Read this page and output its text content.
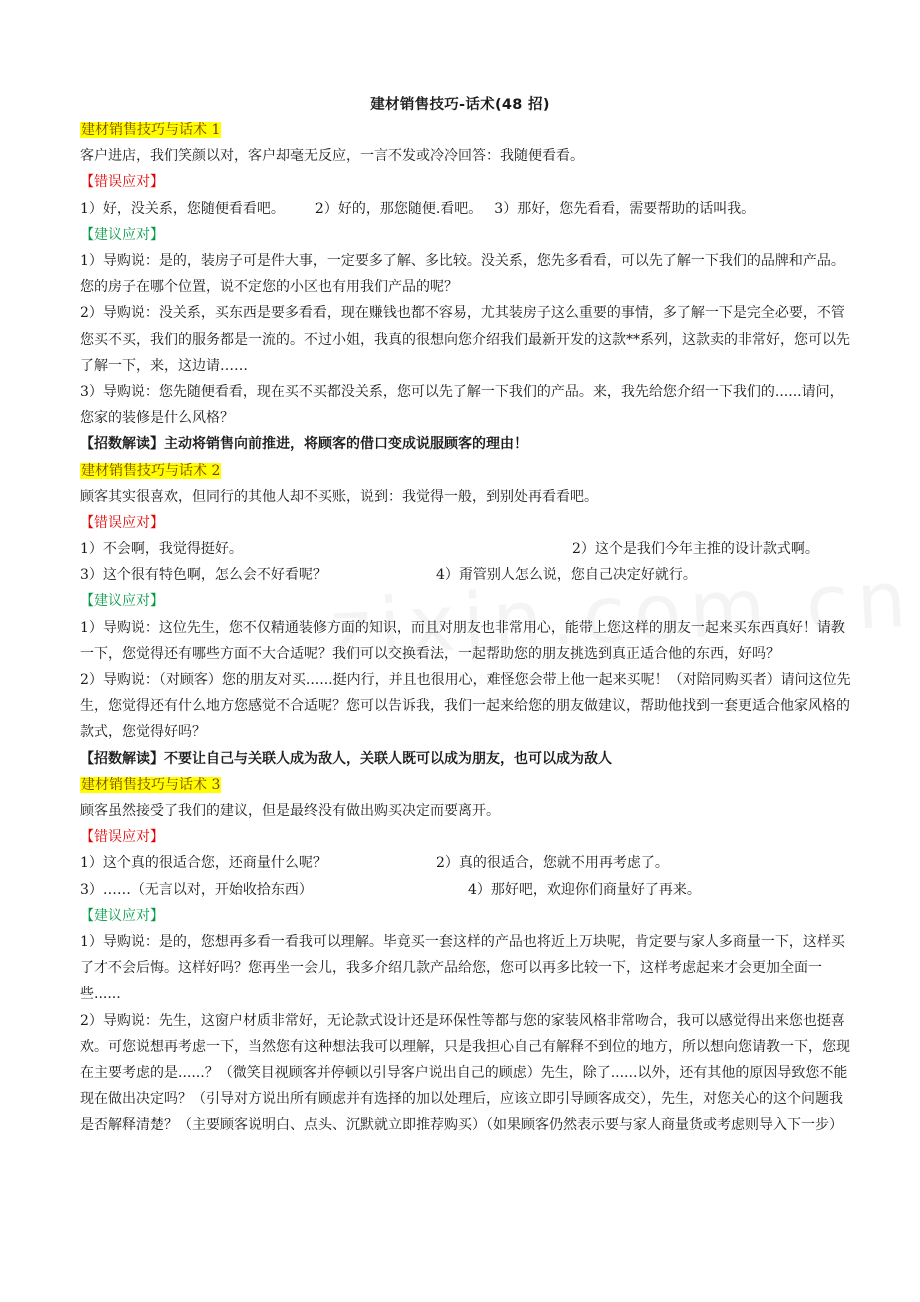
建材销售技巧-话术(48 招)
建材销售技巧与话术 1
客户进店，我们笑颜以对，客户却毫无反应，一言不发或冷冷回答：我随便看看。
【错误应对】
1）好，没关系，您随便看看吧。 2）好的，那您随便.看吧。 3）那好，您先看看，需要帮助的话叫我。
【建议应对】
1）导购说：是的，装房子可是件大事，一定要多了解、多比较。没关系，您先多看看，可以先了解一下我们的品牌和产品。您的房子在哪个位置，说不定您的小区也有用我们产品的呢？
2）导购说：没关系，买东西是要多看看，现在赚钱也都不容易，尤其装房子这么重要的事情，多了解一下是完全必要，不管您买不买，我们的服务都是一流的。不过小姐，我真的很想向您介绍我们最新开发的这款**系列，这款卖的非常好，您可以先了解一下，来，这边请……
3）导购说：您先随便看看，现在买不买都没关系，您可以先了解一下我们的产品。来，我先给您介绍一下我们的......请问，您家的装修是什么风格？
【招数解读】主动将销售向前推进，将顾客的借口变成说服顾客的理由！
建材销售技巧与话术 2
顾客其实很喜欢，但同行的其他人却不买账，说到：我觉得一般，到别处再看看吧。
【错误应对】
1）不会啊，我觉得挺好。	2）这个是我们今年主推的设计款式啊。
3）这个很有特色啊，怎么会不好看呢？	4）甭管别人怎么说，您自己决定好就行。
【建议应对】
1）导购说：这位先生，您不仅精通装修方面的知识，而且对朋友也非常用心，能带上您这样的朋友一起来买东西真好！请教一下，您觉得还有哪些方面不大合适呢？我们可以交换看法，一起帮助您的朋友挑选到真正适合他的东西，好吗？
2）导购说：（对顾客）您的朋友对买......挺内行，并且也很用心，难怪您会带上他一起来买呢！（对陪同购买者）请问这位先生，您觉得还有什么地方您感觉不合适呢？您可以告诉我，我们一起来给您的朋友做建议，帮助他找到一套更适合他家风格的款式，您觉得好吗？
【招数解读】不要让自己与关联人成为敌人，关联人既可以成为朋友，也可以成为敌人
建材销售技巧与话术 3
顾客虽然接受了我们的建议，但是最终没有做出购买决定而要离开。
【错误应对】
1）这个真的很适合您，还商量什么呢？	2）真的很适合，您就不用再考虑了。
3）……（无言以对，开始收拾东西）	4）那好吧，欢迎你们商量好了再来。
【建议应对】
1）导购说：是的，您想再多看一看我可以理解。毕竟买一套这样的产品也将近上万块呢，肯定要与家人多商量一下，这样买了才不会后悔。这样好吗？您再坐一会儿，我多介绍几款产品给您，您可以再多比较一下，这样考虑起来才会更加全面一些......
2）导购说：先生，这窗户材质非常好，无论款式设计还是环保性等都与您的家装风格非常吻合，我可以感觉得出来您也挺喜欢。可您说想再考虑一下，当然您有这种想法我可以理解，只是我担心自己有解释不到位的地方，所以想向您请教一下，您现在主要考虑的是......？（微笑目视顾客并停顿以引导客户说出自己的顾虑）先生，除了......以外，还有其他的原因导致您不能现在做出决定吗？（引导对方说出所有顾虑并有选择的加以处理后，应该立即引导顾客成交），先生，对您关心的这个问题我是否解释清楚？（主要顾客说明白、点头、沉默就立即推荐购买）（如果顾客仍然表示要与家人商量货或考虑则导入下一步）
